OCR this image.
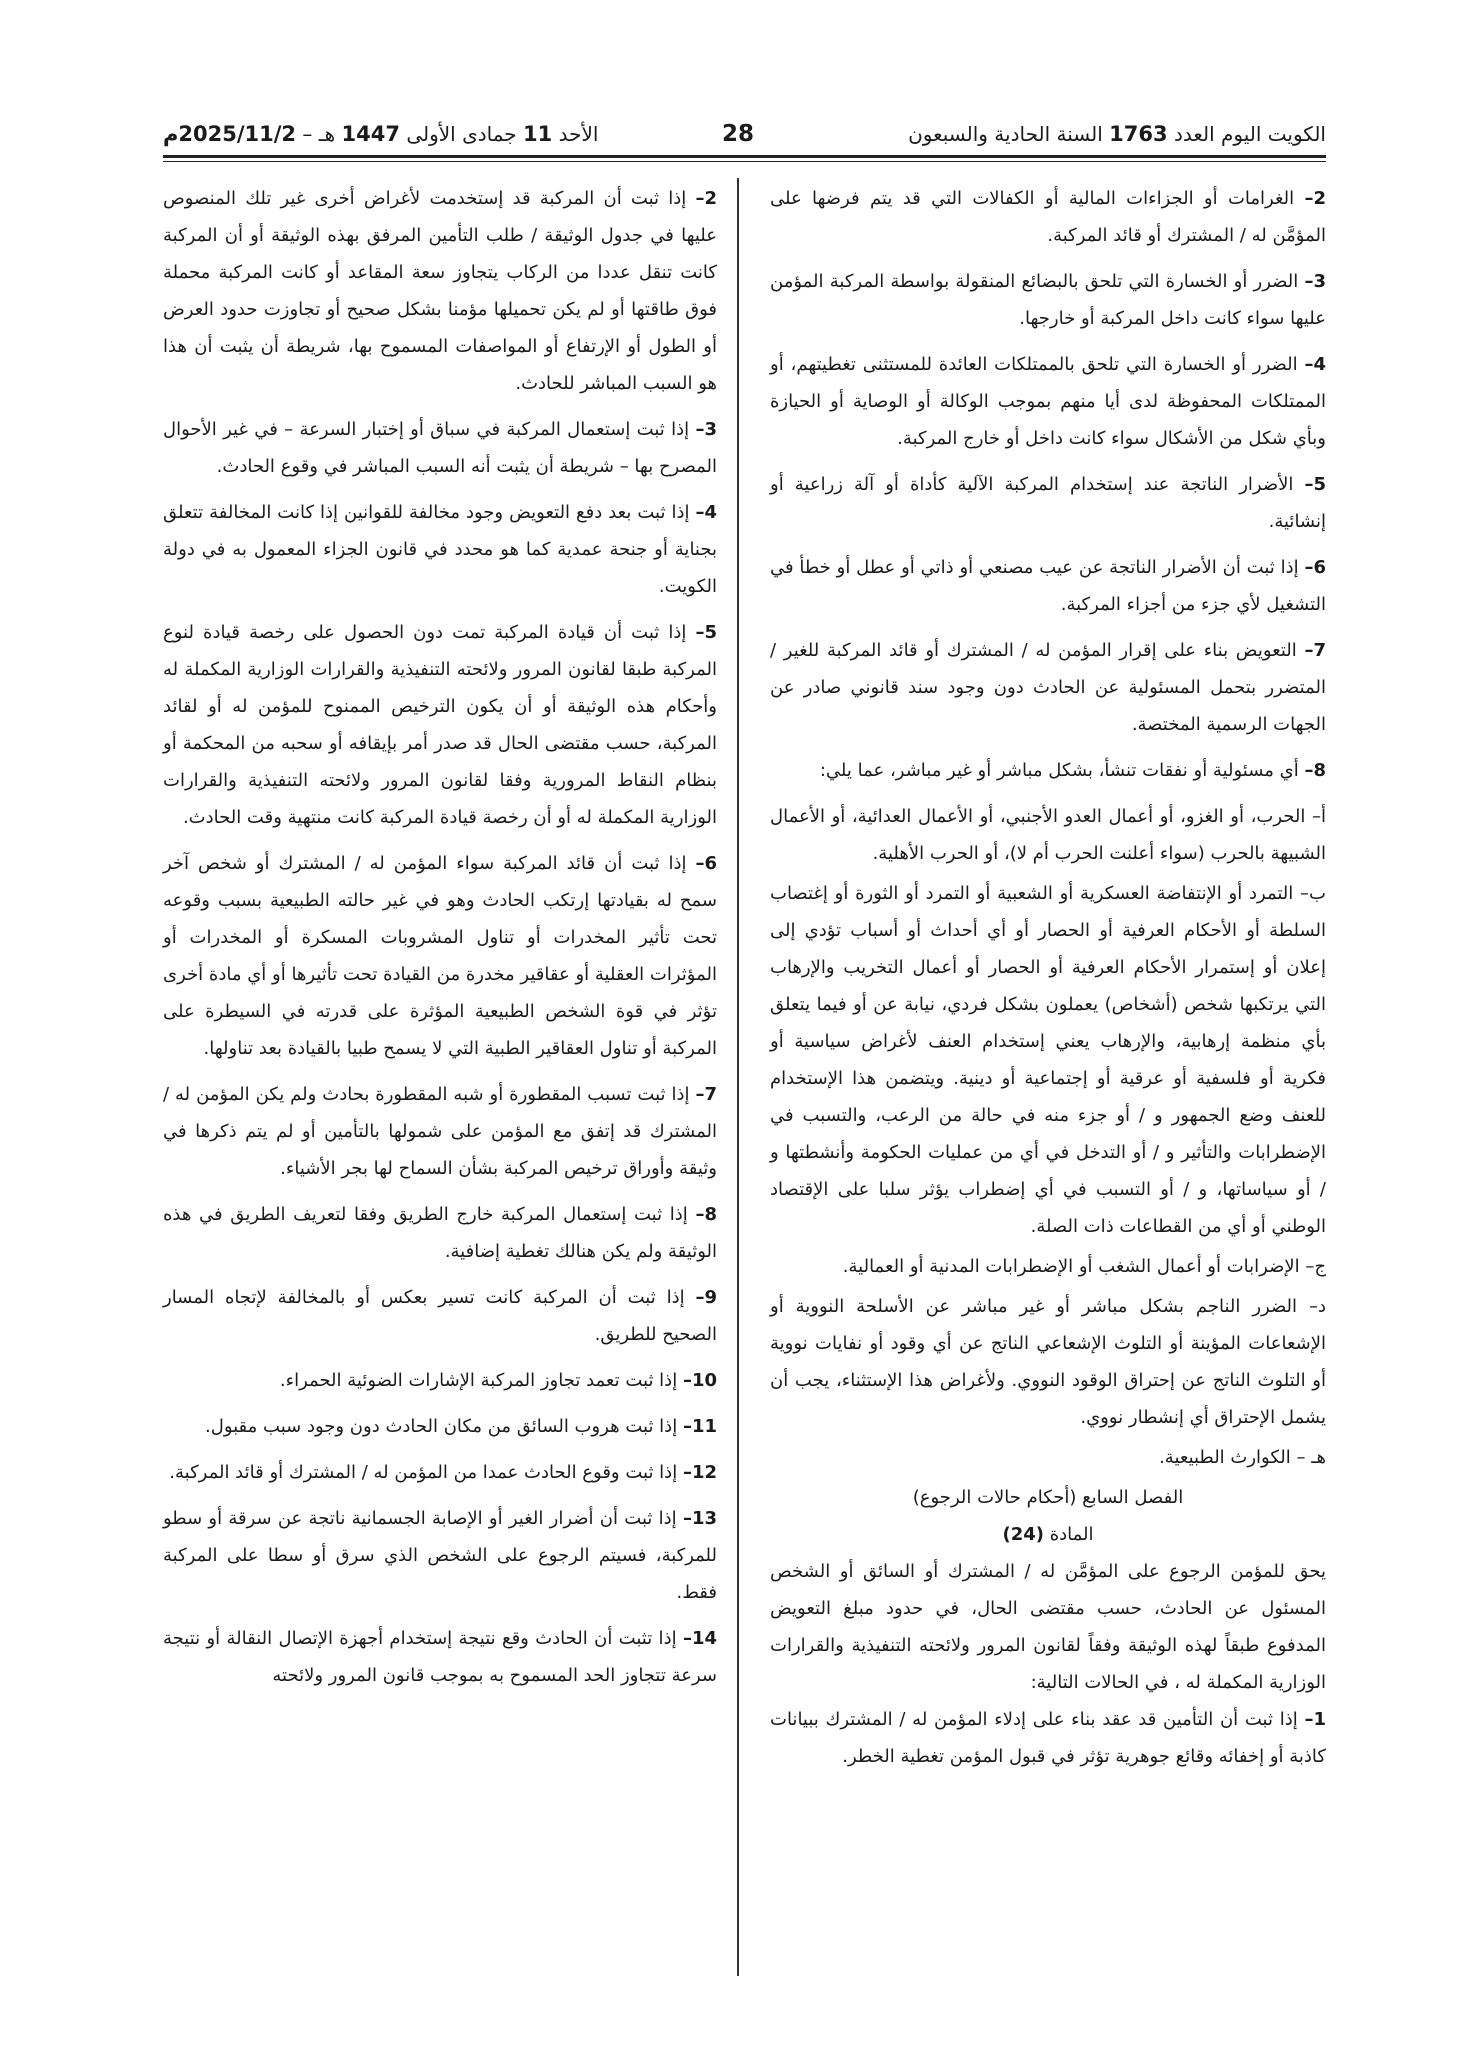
الكويت اليوم العدد 1763 السنة الحادية والسبعون
28
الأحد 11 جمادى الأولى 1447 هـ – 2025/11/2م

2– الغرامات أو الجزاءات المالية أو الكفالات التي قد يتم فرضها على المؤمَّن له / المشترك أو قائد المركبة.

3– الضرر أو الخسارة التي تلحق بالبضائع المنقولة بواسطة المركبة المؤمن عليها سواء كانت داخل المركبة أو خارجها.

4– الضرر أو الخسارة التي تلحق بالممتلكات العائدة للمستثنى تغطيتهم، أو الممتلكات المحفوظة لدى أيا منهم بموجب الوكالة أو الوصاية أو الحيازة وبأي شكل من الأشكال سواء كانت داخل أو خارج المركبة.

5– الأضرار الناتجة عند إستخدام المركبة الآلية كأداة أو آلة زراعية أو إنشائية.

6– إذا ثبت أن الأضرار الناتجة عن عيب مصنعي أو ذاتي أو عطل أو خطأ في التشغيل لأي جزء من أجزاء المركبة.

7– التعويض بناء على إقرار المؤمن له / المشترك أو قائد المركبة للغير /المتضرر بتحمل المسئولية عن الحادث دون وجود سند قانوني صادر عن الجهات الرسمية المختصة.

8– أي مسئولية أو نفقات تنشأ، بشكل مباشر أو غير مباشر، عما يلي:

أ– الحرب، أو الغزو، أو أعمال العدو الأجنبي، أو الأعمال العدائية، أو الأعمال الشبيهة بالحرب (سواء أعلنت الحرب أم لا)، أو الحرب الأهلية.

ب– التمرد أو الإنتفاضة العسكرية أو الشعبية أو التمرد أو الثورة أو إغتصاب السلطة أو الأحكام العرفية أو الحصار أو أي أحداث أو أسباب تؤدي إلى إعلان أو إستمرار الأحكام العرفية أو الحصار أو أعمال التخريب والإرهاب التي يرتكبها شخص (أشخاص) يعملون بشكل فردي، نيابة عن أو فيما يتعلق بأي منظمة إرهابية، والإرهاب يعني إستخدام العنف لأغراض سياسية أو فكرية أو فلسفية أو عرقية أو إجتماعية أو دينية. ويتضمن هذا الإستخدام للعنف وضع الجمهور و / أو جزء منه في حالة من الرعب، والتسبب في الإضطرابات والتأثير و / أو التدخل في أي من عمليات الحكومة وأنشطتها و / أو سياساتها، و / أو التسبب في أي إضطراب يؤثر سلبا على الإقتصاد الوطني أو أي من القطاعات ذات الصلة.

ج– الإضرابات أو أعمال الشغب أو الإضطرابات المدنية أو العمالية.

د– الضرر الناجم بشكل مباشر أو غير مباشر عن الأسلحة النووية أو الإشعاعات المؤينة أو التلوث الإشعاعي الناتج عن أي وقود أو نفايات نووية أو التلوث الناتج عن إحتراق الوقود النووي. ولأغراض هذا الإستثناء، يجب أن يشمل الإحتراق أي إنشطار نووي.

هـ – الكوارث الطبيعية.

الفصل السابع (أحكام حالات الرجوع)

المادة (24)

يحق للمؤمن الرجوع على المؤمَّن له / المشترك أو السائق أو الشخص المسئول عن الحادث، حسب مقتضى الحال، في حدود مبلغ التعويض المدفوع طبقاً لهذه الوثيقة وفقاً لقانون المرور ولائحته التنفيذية والقرارات الوزارية المكملة له ، في الحالات التالية:

1– إذا ثبت أن التأمين قد عقد بناء على إدلاء المؤمن له / المشترك ببيانات كاذبة أو إخفائه وقائع جوهرية تؤثر في قبول المؤمن تغطية الخطر.

2– إذا ثبت أن المركبة قد إستخدمت لأغراض أخرى غير تلك المنصوص عليها في جدول الوثيقة / طلب التأمين المرفق بهذه الوثيقة أو أن المركبة كانت تنقل عددا من الركاب يتجاوز سعة المقاعد أو كانت المركبة محملة فوق طاقتها أو لم يكن تحميلها مؤمنا بشكل صحيح أو تجاوزت حدود العرض أو الطول أو الإرتفاع أو المواصفات المسموح بها، شريطة أن يثبت أن هذا هو السبب المباشر للحادث.

3– إذا ثبت إستعمال المركبة في سباق أو إختبار السرعة – في غير الأحوال المصرح بها – شريطة أن يثبت أنه السبب المباشر في وقوع الحادث.

4– إذا ثبت بعد دفع التعويض وجود مخالفة للقوانين إذا كانت المخالفة تتعلق بجناية أو جنحة عمدية كما هو محدد في قانون الجزاء المعمول به في دولة الكويت.

5– إذا ثبت أن قيادة المركبة تمت دون الحصول على رخصة قيادة لنوع المركبة طبقا لقانون المرور ولائحته التنفيذية والقرارات الوزارية المكملة له وأحكام هذه الوثيقة أو أن يكون الترخيص الممنوح للمؤمن له أو لقائد المركبة، حسب مقتضى الحال قد صدر أمر بإيقافه أو سحبه من المحكمة أو بنظام النقاط المرورية وفقا لقانون المرور ولائحته التنفيذية والقرارات الوزارية المكملة له أو أن رخصة قيادة المركبة كانت منتهية وقت الحادث.

6– إذا ثبت أن قائد المركبة سواء المؤمن له / المشترك أو شخص آخر سمح له بقيادتها إرتكب الحادث وهو في غير حالته الطبيعية بسبب وقوعه تحت تأثير المخدرات أو تناول المشروبات المسكرة أو المخدرات أو المؤثرات العقلية أو عقاقير مخدرة من القيادة تحت تأثيرها أو أي مادة أخرى تؤثر في قوة الشخص الطبيعية المؤثرة على قدرته في السيطرة على المركبة أو تناول العقاقير الطبية التي لا يسمح طبيا بالقيادة بعد تناولها.

7– إذا ثبت تسبب المقطورة أو شبه المقطورة بحادث ولم يكن المؤمن له / المشترك قد إتفق مع المؤمن على شمولها بالتأمين أو لم يتم ذكرها في وثيقة وأوراق ترخيص المركبة بشأن السماح لها بجر الأشياء.

8– إذا ثبت إستعمال المركبة خارج الطريق وفقا لتعريف الطريق في هذه الوثيقة ولم يكن هنالك تغطية إضافية.

9– إذا ثبت أن المركبة كانت تسير بعكس أو بالمخالفة لإتجاه المسار الصحيح للطريق.

10– إذا ثبت تعمد تجاوز المركبة الإشارات الضوئية الحمراء.

11– إذا ثبت هروب السائق من مكان الحادث دون وجود سبب مقبول.

12– إذا ثبت وقوع الحادث عمدا من المؤمن له / المشترك أو قائد المركبة.

13– إذا ثبت أن أضرار الغير أو الإصابة الجسمانية ناتجة عن سرقة أو سطو للمركبة، فسيتم الرجوع على الشخص الذي سرق أو سطا على المركبة فقط.

14– إذا تثبت أن الحادث وقع نتيجة إستخدام أجهزة الإتصال النقالة أو نتيجة سرعة تتجاوز الحد المسموح به بموجب قانون المرور ولائحته
